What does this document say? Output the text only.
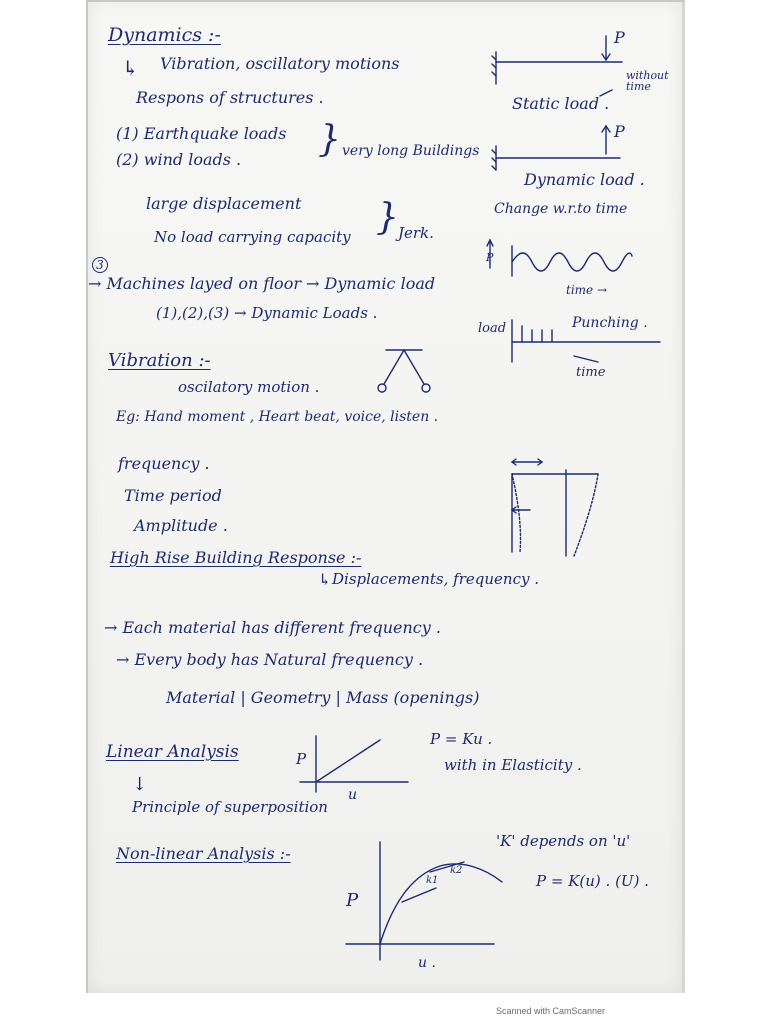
Dynamics :-
↳ Vibration, oscillatory motions
Respons of structures .
(1) Earthquake loads
(2) wind loads . } very long Buildings
large displacement
No load carrying capacity } Jerk.
3
→ Machines layed on floor → Dynamic load
(1),(2),(3) → Dynamic Loads .
Vibration :-
oscilatory motion .
Eg: Hand moment , Heart beat, voice, listen .
frequency .
Time period
Amplitude .
High Rise Building Response :-
↳ Displacements, frequency .
→ Each material has different frequency .
→ Every body has Natural frequency .
Material | Geometry | Mass (openings)
Linear Analysis
↓
Principle of superposition
P = Ku .
with in Elasticity .
Non-linear Analysis :-
'K' depends on 'u'
P = K(u) . (U) .
P
without time
Static load .
P
Dynamic load .
Change w.r.to time
P
time →
load	Punching .
time
P
u
P
u .
k1
k2
Scanned with CamScanner
